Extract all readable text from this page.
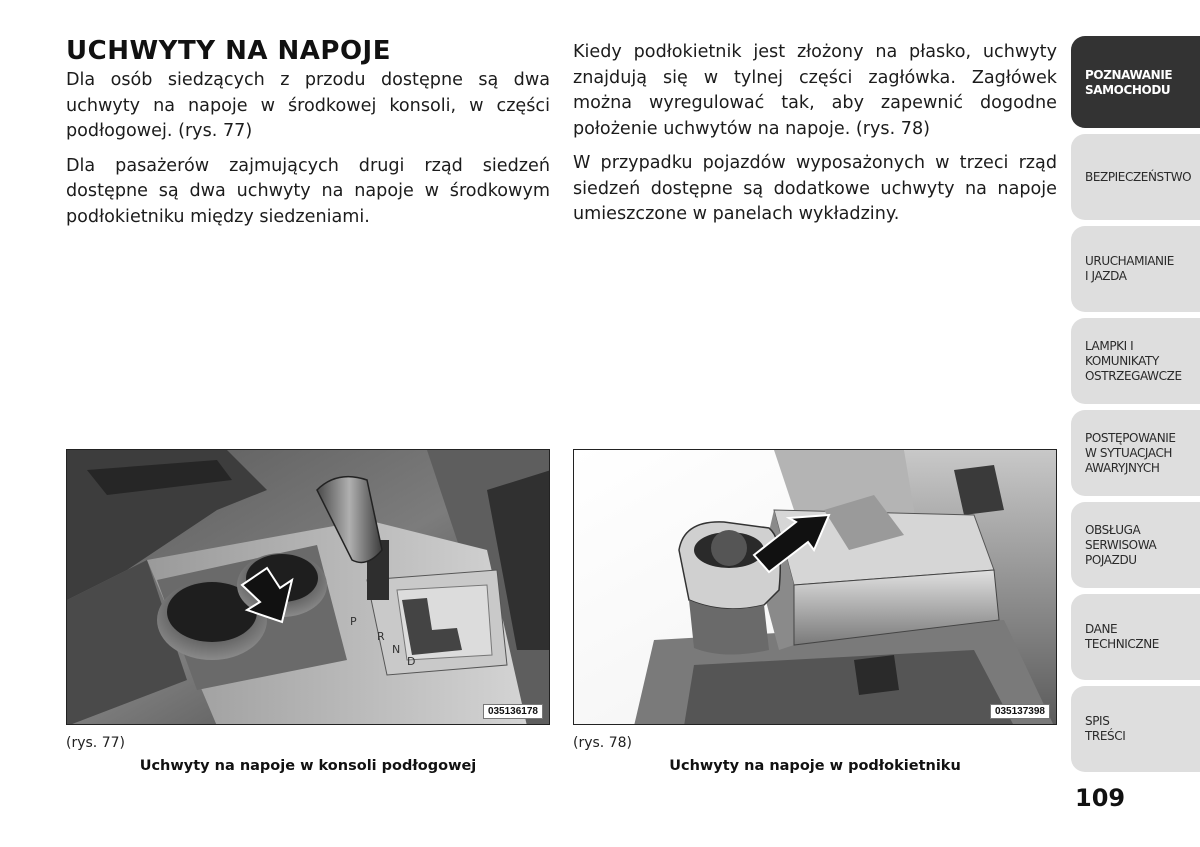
UCHWYTY NA NAPOJE

Dla osób siedzących z przodu dostępne są dwa uchwyty na napoje w środkowej konsoli, w części podłogowej. (rys. 77)

Dla pasażerów zajmujących drugi rząd siedzeń dostępne są dwa uchwyty na napoje w środkowym podłokietniku między siedzeniami.

Kiedy podłokietnik jest złożony na płasko, uchwyty znajdują się w tylnej części zagłówka. Zagłówek można wyregulować tak, aby zapewnić dogodne położenie uchwytów na napoje. (rys. 78)

W przypadku pojazdów wyposażonych w trzeci rząd siedzeń dostępne są dodatkowe uchwyty na napoje umieszczone w panelach wykładziny.

P
R
N
D
035136178	035137398
(rys. 77)
Uchwyty na napoje w konsoli podłogowej
(rys. 78)
Uchwyty na napoje w podłokietniku
POZNAWANIE
SAMOCHODU
BEZPIECZEŃSTWO
URUCHAMIANIE
I JAZDA
LAMPKI I
KOMUNIKATY
OSTRZEGAWCZE
POSTĘPOWANIE
W SYTUACJACH
AWARYJNYCH
OBSŁUGA
SERWISOWA
POJAZDU
DANE
TECHNICZNE
SPIS
TREŚCI
109
